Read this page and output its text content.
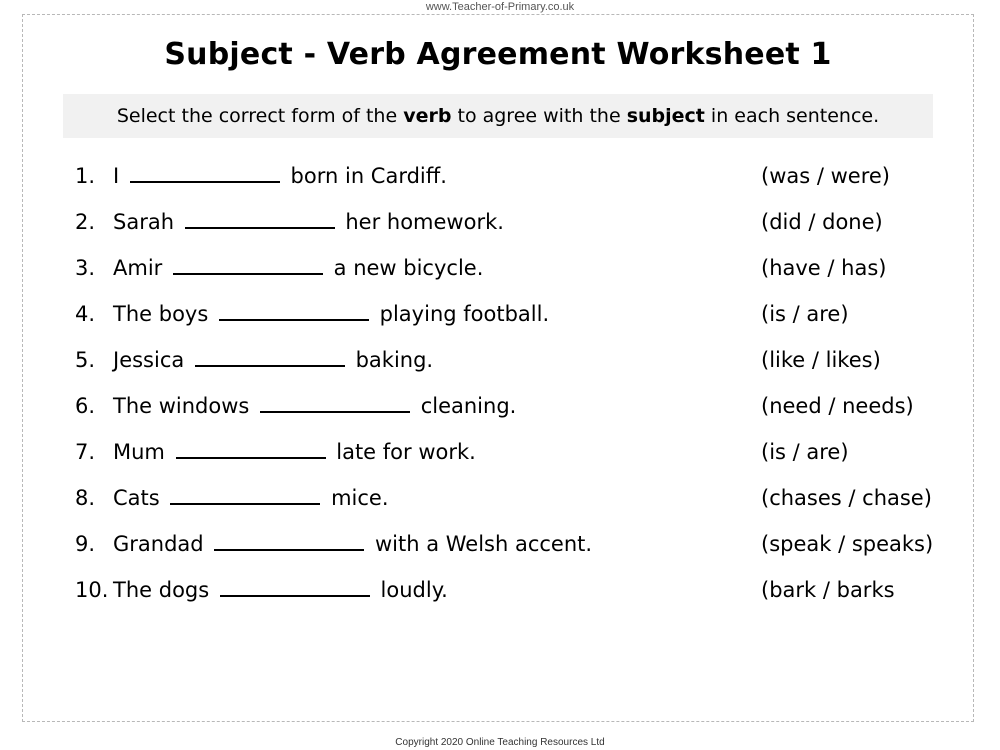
www.Teacher-of-Primary.co.uk
Subject - Verb Agreement Worksheet 1
Select the correct form of the verb to agree with the subject in each sentence.
1. I	born in Cardiff.	(was / were)
2. Sarah	her homework.	(did / done)
3. Amir	a new bicycle.	(have / has)
4. The boys	playing football.	(is / are)
5. Jessica	baking.	(like / likes)
6. The windows	cleaning.	(need / needs)
7. Mum	late for work.	(is / are)
8. Cats	mice.	(chases / chase)
9. Grandad	with a Welsh accent.	(speak / speaks)
10. The dogs	loudly.	(bark / barks
Copyright 2020 Online Teaching Resources Ltd
